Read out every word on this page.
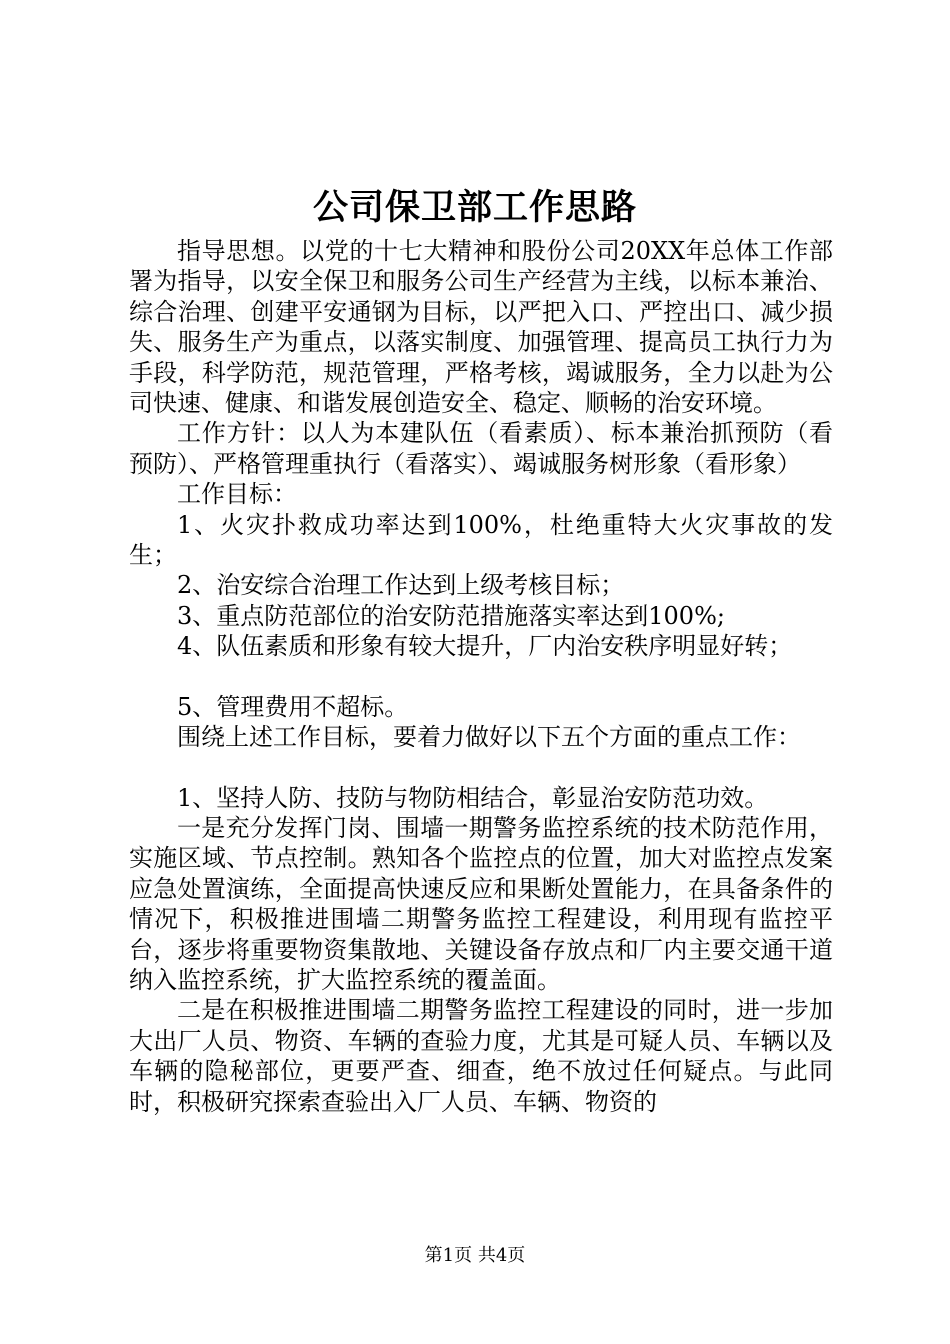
公司保卫部工作思路

指导思想。以党的十七大精神和股份公司20XX年总体工作部署为指导，以安全保卫和服务公司生产经营为主线，以标本兼治、综合治理、创建平安通钢为目标，以严把入口、严控出口、减少损失、服务生产为重点，以落实制度、加强管理、提高员工执行力为手段，科学防范，规范管理，严格考核，竭诚服务，全力以赴为公司快速、健康、和谐发展创造安全、稳定、顺畅的治安环境。

工作方针：以人为本建队伍（看素质）、标本兼治抓预防（看预防）、严格管理重执行（看落实）、竭诚服务树形象（看形象）

工作目标：

1、火灾扑救成功率达到100%，杜绝重特大火灾事故的发生；

2、治安综合治理工作达到上级考核目标；

3、重点防范部位的治安防范措施落实率达到100%;

4、队伍素质和形象有较大提升，厂内治安秩序明显好转；

5、管理费用不超标。

围绕上述工作目标，要着力做好以下五个方面的重点工作：

1、坚持人防、技防与物防相结合，彰显治安防范功效。

一是充分发挥门岗、围墙一期警务监控系统的技术防范作用，实施区域、节点控制。熟知各个监控点的位置，加大对监控点发案应急处置演练，全面提高快速反应和果断处置能力，在具备条件的情况下，积极推进围墙二期警务监控工程建设，利用现有监控平台，逐步将重要物资集散地、关键设备存放点和厂内主要交通干道纳入监控系统，扩大监控系统的覆盖面。

二是在积极推进围墙二期警务监控工程建设的同时，进一步加大出厂人员、物资、车辆的查验力度，尤其是可疑人员、车辆以及车辆的隐秘部位，更要严查、细查，绝不放过任何疑点。与此同时，积极研究探索查验出入厂人员、车辆、物资的

第1页 共4页
